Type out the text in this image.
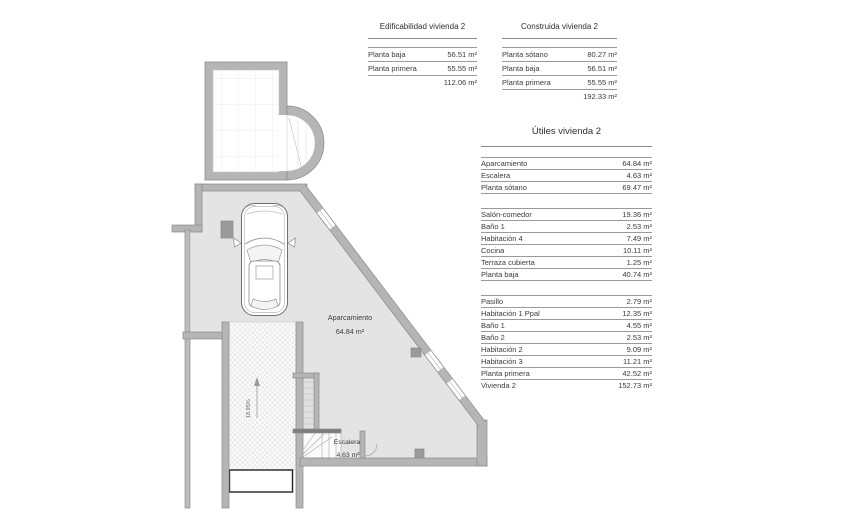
18.95%
Aparcamiento
64.84 m²
Escalera
4.63 m²
Edificabilidad vivienda 2
Planta baja	56.51 m²
Planta primera	55.55 m²
112.06 m²
Construida vivienda 2
Planta sótano	80.27 m²
Planta baja	56.51 m²
Planta primera	55.55 m²
192.33 m²
Útiles vivienda 2
Aparcamiento	64.84 m²
Escalera	4.63 m²
Planta sótano	69.47 m²
Salón-comedor	19.36 m²
Baño 1	2.53 m²
Habitación 4	7.49 m²
Cocina	10.11 m²
Terraza cubierta	1.25 m²
Planta baja	40.74 m²
Pasillo	2.79 m²
Habitación 1 Ppal	12.35 m²
Baño 1	4.55 m²
Baño 2	2.53 m²
Habitación 2	9.09 m²
Habitación 3	11.21 m²
Planta primera	42.52 m²
Vivienda 2	152.73 m²
